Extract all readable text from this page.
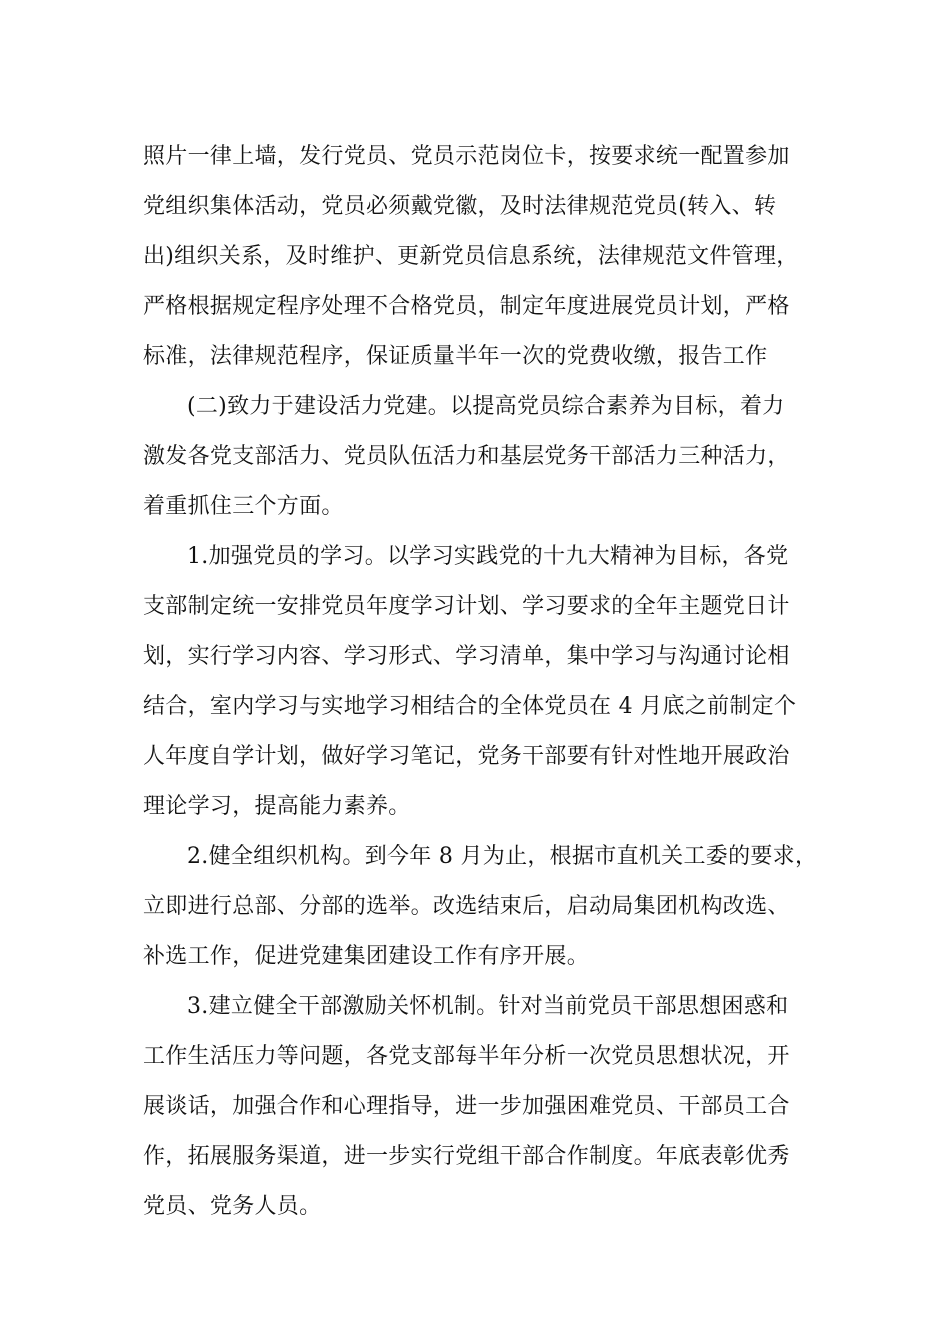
照片一律上墙，发行党员、党员示范岗位卡，按要求统一配置参加
党组织集体活动，党员必须戴党徽，及时法律规范党员(转入、转
出)组织关系，及时维护、更新党员信息系统，法律规范文件管理，
严格根据规定程序处理不合格党员，制定年度进展党员计划，严格
标准，法律规范程序，保证质量半年一次的党费收缴，报告工作
(二)致力于建设活力党建。以提高党员综合素养为目标，着力
激发各党支部活力、党员队伍活力和基层党务干部活力三种活力，
着重抓住三个方面。
1.加强党员的学习。以学习实践党的十九大精神为目标，各党
支部制定统一安排党员年度学习计划、学习要求的全年主题党日计
划，实行学习内容、学习形式、学习清单，集中学习与沟通讨论相
结合，室内学习与实地学习相结合的全体党员在 4 月底之前制定个
人年度自学计划，做好学习笔记，党务干部要有针对性地开展政治
理论学习，提高能力素养。
2.健全组织机构。到今年 8 月为止，根据市直机关工委的要求，
立即进行总部、分部的选举。改选结束后，启动局集团机构改选、
补选工作，促进党建集团建设工作有序开展。
3.建立健全干部激励关怀机制。针对当前党员干部思想困惑和
工作生活压力等问题，各党支部每半年分析一次党员思想状况，开
展谈话，加强合作和心理指导，进一步加强困难党员、干部员工合
作，拓展服务渠道，进一步实行党组干部合作制度。年底表彰优秀
党员、党务人员。
